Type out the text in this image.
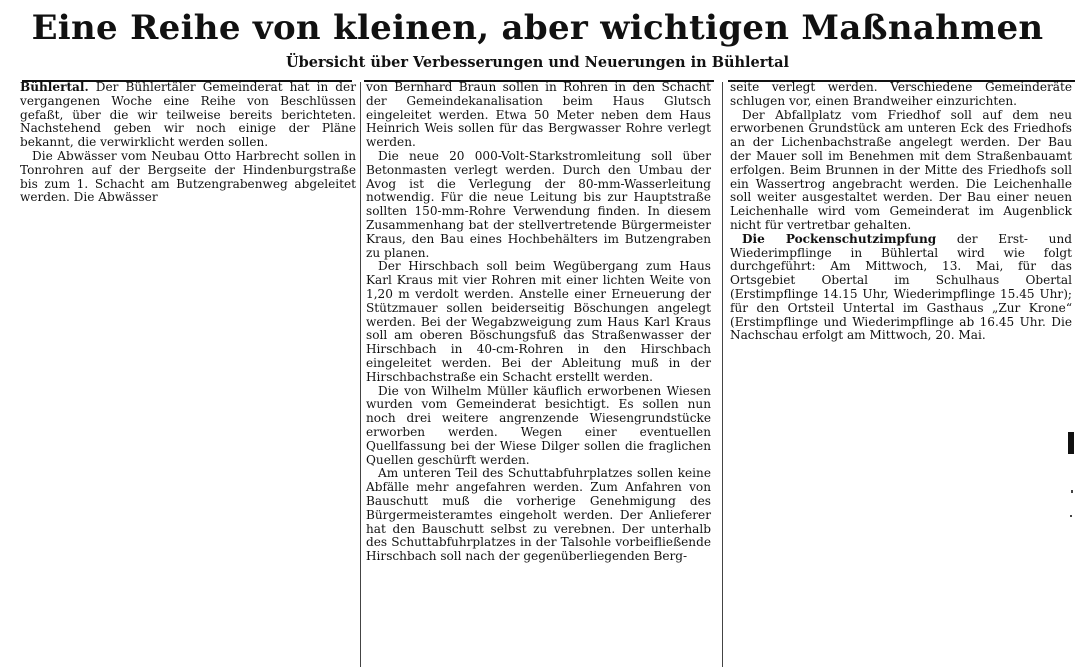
Eine Reihe von kleinen, aber wichtigen Maßnahmen
Übersicht über Verbesserungen und Neuerungen in Bühlertal

Bühlertal. Der Bühlertäler Gemeinderat hat in der vergangenen Woche eine Reihe von Beschlüssen gefaßt, über die wir teilweise bereits berichteten. Nachstehend geben wir noch einige der Pläne bekannt, die verwirklicht werden sollen.

Die Abwässer vom Neubau Otto Harbrecht sollen in Tonrohren auf der Bergseite der Hindenburgstraße bis zum 1. Schacht am Butzengrabenweg abgeleitet werden. Die Abwässer

von Bernhard Braun sollen in Rohren in den Schacht der Gemeindekanalisation beim Haus Glutsch eingeleitet werden. Etwa 50 Meter neben dem Haus Heinrich Weis sollen für das Bergwasser Rohre verlegt werden.

Die neue 20 000-Volt-Starkstromleitung soll über Betonmasten verlegt werden. Durch den Umbau der Avog ist die Verlegung der 80-mm-Wasserleitung notwendig. Für die neue Leitung bis zur Hauptstraße sollten 150-mm-Rohre Verwendung finden. In diesem Zusammenhang bat der stellvertretende Bürgermeister Kraus, den Bau eines Hochbehälters im Butzengraben zu planen.

Der Hirschbach soll beim Wegübergang zum Haus Karl Kraus mit vier Rohren mit einer lichten Weite von 1,20 m verdolt werden. Anstelle einer Erneuerung der Stützmauer sollen beiderseitig Böschungen angelegt werden. Bei der Wegabzweigung zum Haus Karl Kraus soll am oberen Böschungsfuß das Straßenwasser der Hirschbach in 40-cm-Rohren in den Hirschbach eingeleitet werden. Bei der Ableitung muß in der Hirschbachstraße ein Schacht erstellt werden.

Die von Wilhelm Müller käuflich erworbenen Wiesen wurden vom Gemeinderat besichtigt. Es sollen nun noch drei weitere angrenzende Wiesengrundstücke erworben werden. Wegen einer eventuellen Quellfassung bei der Wiese Dilger sollen die fraglichen Quellen geschürft werden.

Am unteren Teil des Schuttabfuhrplatzes sollen keine Abfälle mehr angefahren werden. Zum Anfahren von Bauschutt muß die vorherige Genehmigung des Bürgermeisteramtes eingeholt werden. Der Anlieferer hat den Bauschutt selbst zu verebnen. Der unterhalb des Schuttabfuhrplatzes in der Talsohle vorbeifließende Hirschbach soll nach der gegenüberliegenden Berg-

seite verlegt werden. Verschiedene Gemeinderäte schlugen vor, einen Brandweiher einzurichten.

Der Abfallplatz vom Friedhof soll auf dem neu erworbenen Grundstück am unteren Eck des Friedhofs an der Lichenbachstraße angelegt werden. Der Bau der Mauer soll im Benehmen mit dem Straßenbauamt erfolgen. Beim Brunnen in der Mitte des Friedhofs soll ein Wassertrog angebracht werden. Die Leichenhalle soll weiter ausgestaltet werden. Der Bau einer neuen Leichenhalle wird vom Gemeinderat im Augenblick nicht für vertretbar gehalten.

Die Pockenschutzimpfung der Erst- und Wiederimpflinge in Bühlertal wird wie folgt durchgeführt: Am Mittwoch, 13. Mai, für das Ortsgebiet Obertal im Schulhaus Obertal (Erstimpflinge 14.15 Uhr, Wiederimpflinge 15.45 Uhr); für den Ortsteil Untertal im Gasthaus „Zur Krone“ (Erstimpflinge und Wiederimpflinge ab 16.45 Uhr. Die Nachschau erfolgt am Mittwoch, 20. Mai.
